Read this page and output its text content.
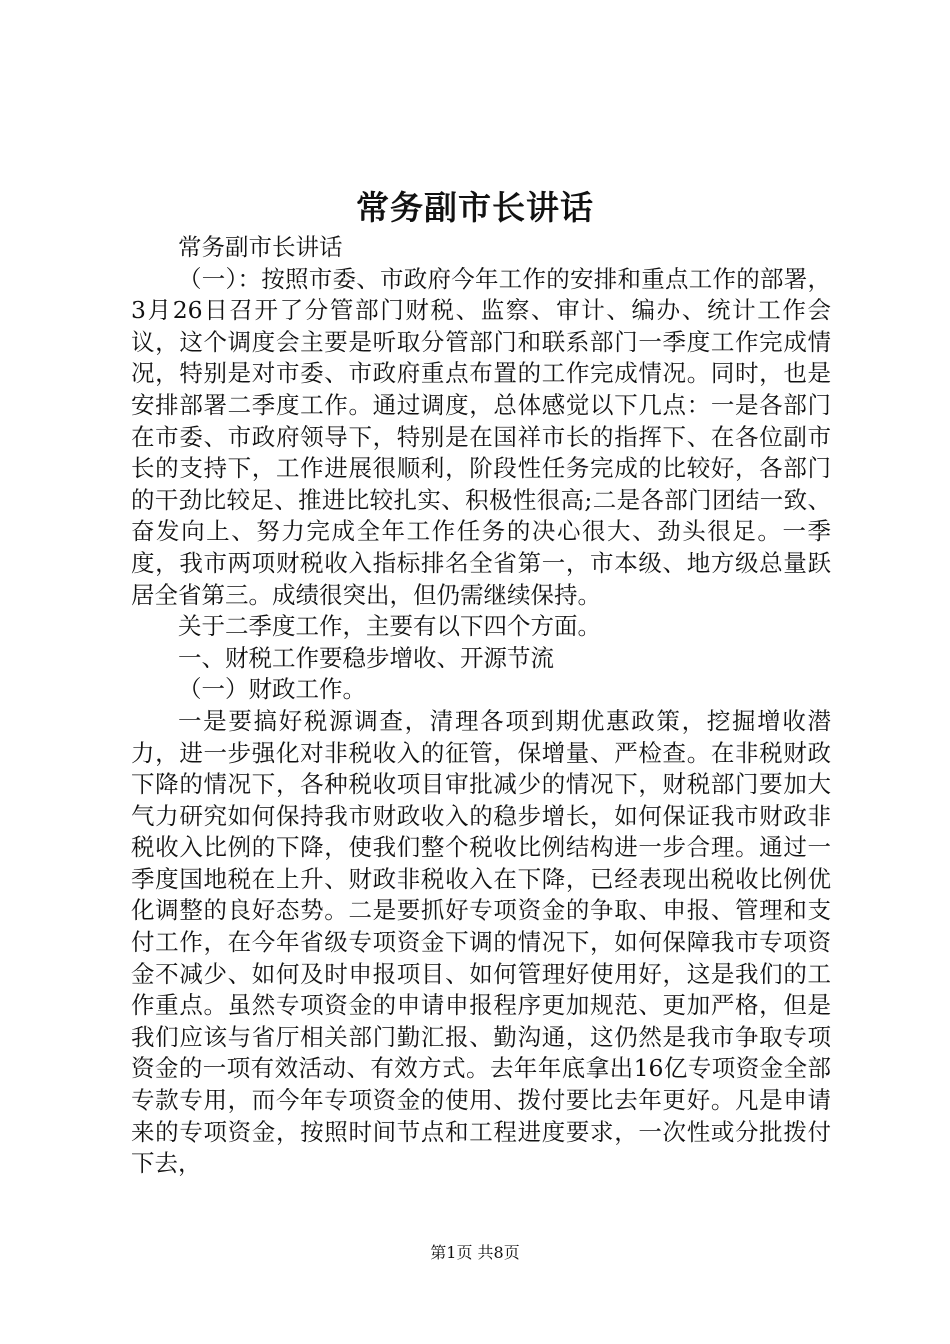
常务副市长讲话

常务副市长讲话

（一）：按照市委、市政府今年工作的安排和重点工作的部署，3月26日召开了分管部门财税、监察、审计、编办、统计工作会议，这个调度会主要是听取分管部门和联系部门一季度工作完成情况，特别是对市委、市政府重点布置的工作完成情况。同时，也是安排部署二季度工作。通过调度，总体感觉以下几点：一是各部门在市委、市政府领导下，特别是在国祥市长的指挥下、在各位副市长的支持下，工作进展很顺利，阶段性任务完成的比较好，各部门的干劲比较足、推进比较扎实、积极性很高;二是各部门团结一致、奋发向上、努力完成全年工作任务的决心很大、劲头很足。一季度，我市两项财税收入指标排名全省第一，市本级、地方级总量跃居全省第三。成绩很突出，但仍需继续保持。

关于二季度工作，主要有以下四个方面。

一、财税工作要稳步增收、开源节流

（一）财政工作。

一是要搞好税源调查，清理各项到期优惠政策，挖掘增收潜力，进一步强化对非税收入的征管，保增量、严检查。在非税财政下降的情况下，各种税收项目审批减少的情况下，财税部门要加大气力研究如何保持我市财政收入的稳步增长，如何保证我市财政非税收入比例的下降，使我们整个税收比例结构进一步合理。通过一季度国地税在上升、财政非税收入在下降，已经表现出税收比例优化调整的良好态势。二是要抓好专项资金的争取、申报、管理和支付工作，在今年省级专项资金下调的情况下，如何保障我市专项资金不减少、如何及时申报项目、如何管理好使用好，这是我们的工作重点。虽然专项资金的申请申报程序更加规范、更加严格，但是我们应该与省厅相关部门勤汇报、勤沟通，这仍然是我市争取专项资金的一项有效活动、有效方式。去年年底拿出16亿专项资金全部专款专用，而今年专项资金的使用、拨付要比去年更好。凡是申请来的专项资金，按照时间节点和工程进度要求，一次性或分批拨付下去，

第1页 共8页
